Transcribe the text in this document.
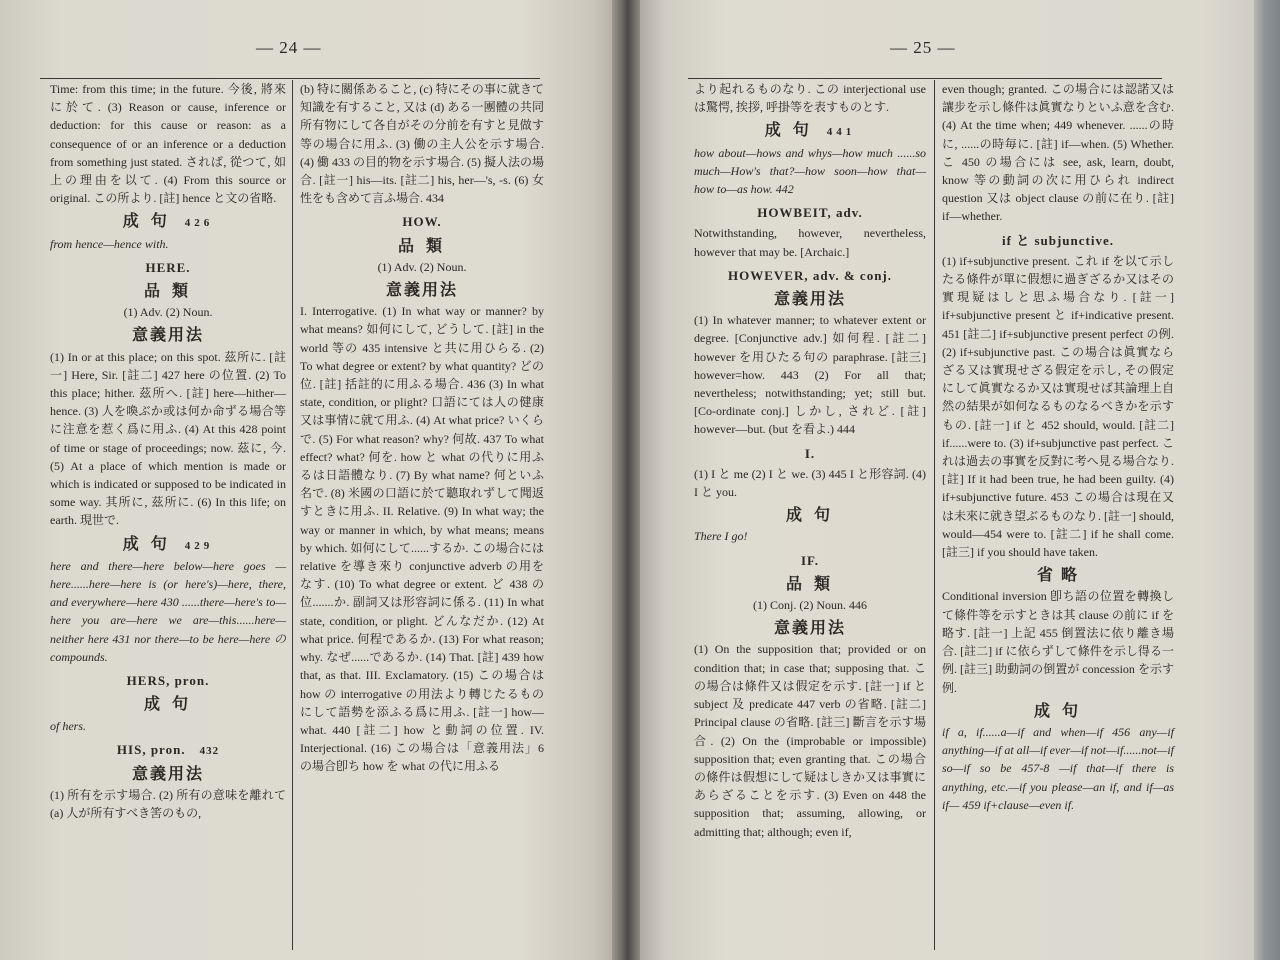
— 24 —

Time: from this time; in the future. 今後, 將來に於て. (3) Reason or cause, inference or deduction: for this cause or reason: as a consequence of or an inference or a deduction from something just stated. されば, 從つて, 如上の理由を以て. (4) From this source or original. この所より. [註] hence と文の省略.

成 句 426

from hence—hence with.

HERE.
品 類
(1) Adv. (2) Noun.
意義用法

(1) In or at this place; on this spot. 茲所に. [註一] Here, Sir. [註二] 427 here の位置. (2) To this place; hither. 茲所へ. [註] here—hither—hence. (3) 人を喚ぶか或は何か命ずる場合等に注意を惹く爲に用ふ. (4) At this 428 point of time or stage of proceedings; now. 茲に, 今. (5) At a place of which mention is made or which is indicated or supposed to be indicated in some way. 其所に, 茲所に. (6) In this life; on earth. 現世で.

成 句 429

here and there—here below—here goes —here......here—here is (or here's)—here, there, and everywhere—here 430 ......there—here's to—here you are—here we are—this......here—neither here 431 nor there—to be here—here の compounds.

HERS, pron.
成 句

of hers.

HIS, pron. 432
意義用法

(1) 所有を示す場合. (2) 所有の意味を離れて (a) 人が所有すべき筈のもの,

(b) 特に關係あること, (c) 特にその事に就きて知識を有すること, 又は (d) ある一團體の共同所有物にして各自がその分前を有すと見做す等の場合に用ふ. (3) 働の主人公を示す場合. (4) 働 433 の目的物を示す場合. (5) 擬人法の場合. [註一] his—its. [註二] his, her—'s, -s. (6) 女性をも含めて言ふ場合. 434

HOW.
品 類
(1) Adv. (2) Noun.
意義用法

I. Interrogative. (1) In what way or manner? by what means? 如何にして, どうして. [註] in the world 等の 435 intensive と共に用ひらる. (2) To what degree or extent? by what quantity? どの位. [註] 括註的に用ふる場合. 436 (3) In what state, condition, or plight? 口語にては人の健康又は事情に就て用ふ. (4) At what price? いくらで. (5) For what reason? why? 何故. 437 To what effect? what? 何を. how と what の代りに用ふるは日語體なり. (7) By what name? 何といふ名で. (8) 米國の口語に於て聽取れずして聞返すときに用ふ. II. Relative. (9) In what way; the way or manner in which, by what means; means by which. 如何にして......するか. この場合には relative を導き來り conjunctive adverb の用をなす. (10) To what degree or extent. ど 438 の位.......か. 副詞又は形容詞に係る. (11) In what state, condition, or plight. どんなだか. (12) At what price. 何程であるか. (13) For what reason; why. なぜ......であるか. (14) That. [註] 439 how that, as that. III. Exclamatory. (15) この場合は how の interrogative の用法より轉じたるものにして語勢を添ふる爲に用ふ. [註一] how—what. 440 [註二] how と動詞の位置. IV. Interjectional. (16) この場合は「意義用法」6 の場合卽ち how を what の代に用ふる

— 25 —

より起れるものなり. この interjectional use は驚愕, 挨拶, 呼掛等を表すものとす.

成 句 441

how about—hows and whys—how much ......so much—How's that?—how soon—how that—how to—as how. 442

HOWBEIT, adv.

Notwithstanding, however, nevertheless, however that may be. [Archaic.]

HOWEVER, adv. & conj.
意義用法

(1) In whatever manner; to whatever extent or degree. [Conjunctive adv.] 如何程. [註二] however を用ひたる句の paraphrase. [註三] however=how. 443 (2) For all that; nevertheless; notwithstanding; yet; still but. [Co-ordinate conj.] しかし, されど. [註] however—but. (but を看よ.) 444

I.

(1) I と me (2) I と we. (3) 445 I と形容詞. (4) I と you.

成 句

There I go!

IF.
品 類
(1) Conj. (2) Noun. 446
意義用法

(1) On the supposition that; provided or on condition that; in case that; supposing that. この場合は條件又は假定を示す. [註一] if と subject 及 predicate 447 verb の省略. [註二] Principal clause の省略. [註三] 斷言を示す場合. (2) On the (improbable or impossible) supposition that; even granting that. この場合の條件は假想にして疑はしきか又は事實にあらざることを示す. (3) Even on 448 the supposition that; assuming, allowing, or admitting that; although; even if,

even though; granted. この場合には認諾又は讓步を示し條件は眞實なりといふ意を含む. (4) At the time when; 449 whenever. ......の時に, ......の時毎に. [註] if—when. (5) Whether. こ 450 の場合には see, ask, learn, doubt, know 等の動詞の次に用ひられ indirect question 又は object clause の前に在り. [註] if—whether.

if と subjunctive.

(1) if+subjunctive present. これ if を以て示したる條件が單に假想に過ぎざるか又はその實現疑はしと思ふ場合なり. [註一] if+subjunctive present と if+indicative present. 451 [註二] if+subjunctive present perfect の例. (2) if+subjunctive past. この場合は眞實ならざる又は實現せざる假定を示し, その假定にして眞實なるか又は實現せば其論理上自然の結果が如何なるものなるべきかを示すもの. [註一] if と 452 should, would. [註二] if......were to. (3) if+subjunctive past perfect. これは過去の事實を反對に考へ見る場合なり. [註] If it had been true, he had been guilty. (4) if+subjunctive future. 453 この場合は現在又は未來に就き望ぶるものなり. [註一] should, would—454 were to. [註二] if he shall come. [註三] if you should have taken.

省 略

Conditional inversion 卽ち語の位置を轉換して條件等を示すときは其 clause の前に if を略す. [註一] 上記 455 倒置法に依り離き場合. [註二] if に依らずして條件を示し得る一例. [註三] 助動詞の倒置が concession を示す例.

成 句

if a, if......a—if and when—if 456 any—if anything—if at all—if ever—if not—if......not—if so—if so be 457-8 —if that—if there is anything, etc.—if you please—an if, and if—as if— 459 if+clause—even if.
